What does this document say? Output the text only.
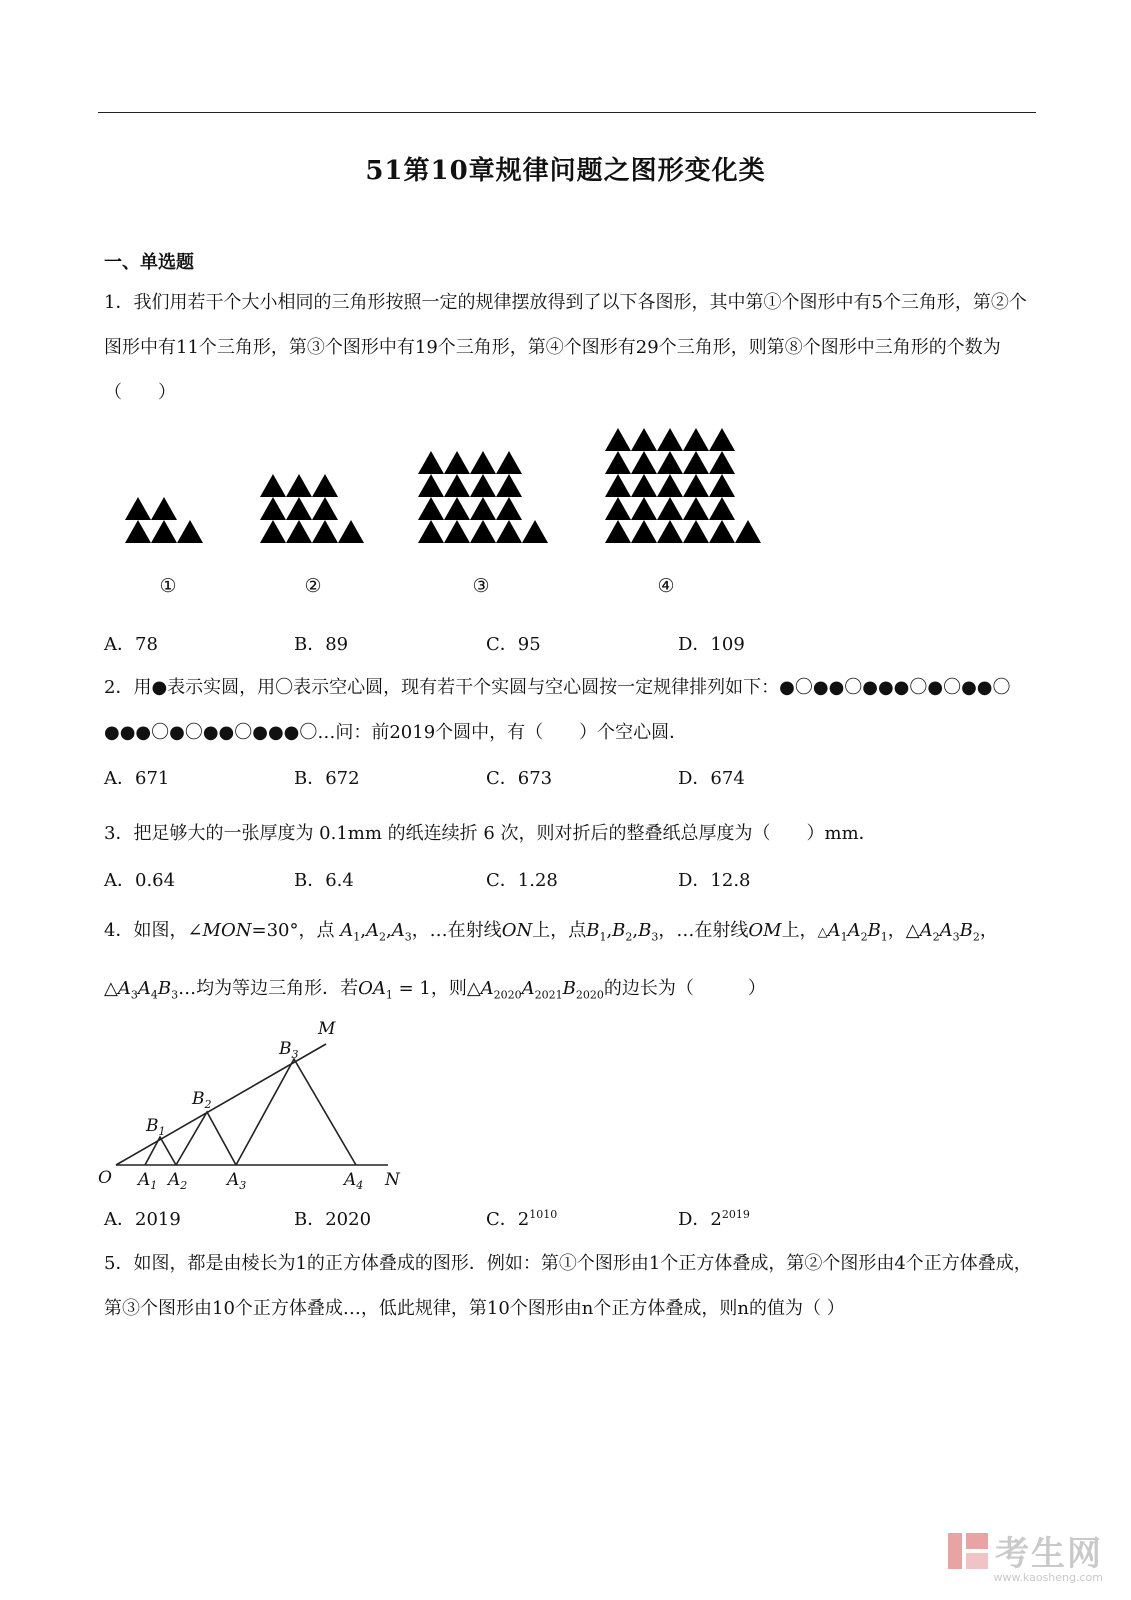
51第10章规律问题之图形变化类
一、单选题
1．我们用若干个大小相同的三角形按照一定的规律摆放得到了以下各图形，其中第①个图形中有5个三角形，第②个图形中有11个三角形，第③个图形中有19个三角形，第④个图形有29个三角形，则第⑧个图形中三角形的个数为（　　）
①	②	③	④
A．78	B．89	C．95	D．109
2．用●表示实圆，用〇表示空心圆，现有若干个实圆与空心圆按一定规律排列如下：●〇●●〇●●●〇●〇●●〇●●●〇●〇●●〇●●●〇…问：前2019个圆中，有（　　）个空心圆．
A．671	B．672	C．673	D．674
3．把足够大的一张厚度为 0.1mm 的纸连续折 6 次，则对折后的整叠纸总厚度为（　　）mm．
A．0.64	B．6.4	C．1.28	D．12.8
4．如图，∠MON=30°，点 $A_1,A_2,A_3$，…在射线ON上，点$B_1,B_2,B_3$，…在射线OM上，$\triangle A_1A_2B_1$，$\triangle A_2A_3B_2$，
$\triangle A_3A_4B_3\dots$均为等边三角形．若$OA_1 = 1$，则$\triangle A_{2020}A_{2021}B_{2020}$的边长为（　　　）
O	N
M
$A_1$ $A_2$ $A_3$	$A_4$
$B_1$
$B_2$
$B_3$
A．2019	B．2020	C．$2^{1010}$	D．$2^{2019}$
5．如图，都是由棱长为1的正方体叠成的图形．例如：第①个图形由1个正方体叠成，第②个图形由4个正方体叠成，第③个图形由10个正方体叠成…，低此规律，第10个图形由n个正方体叠成，则n的值为（ ）
考生网
www.kaosheng.com
